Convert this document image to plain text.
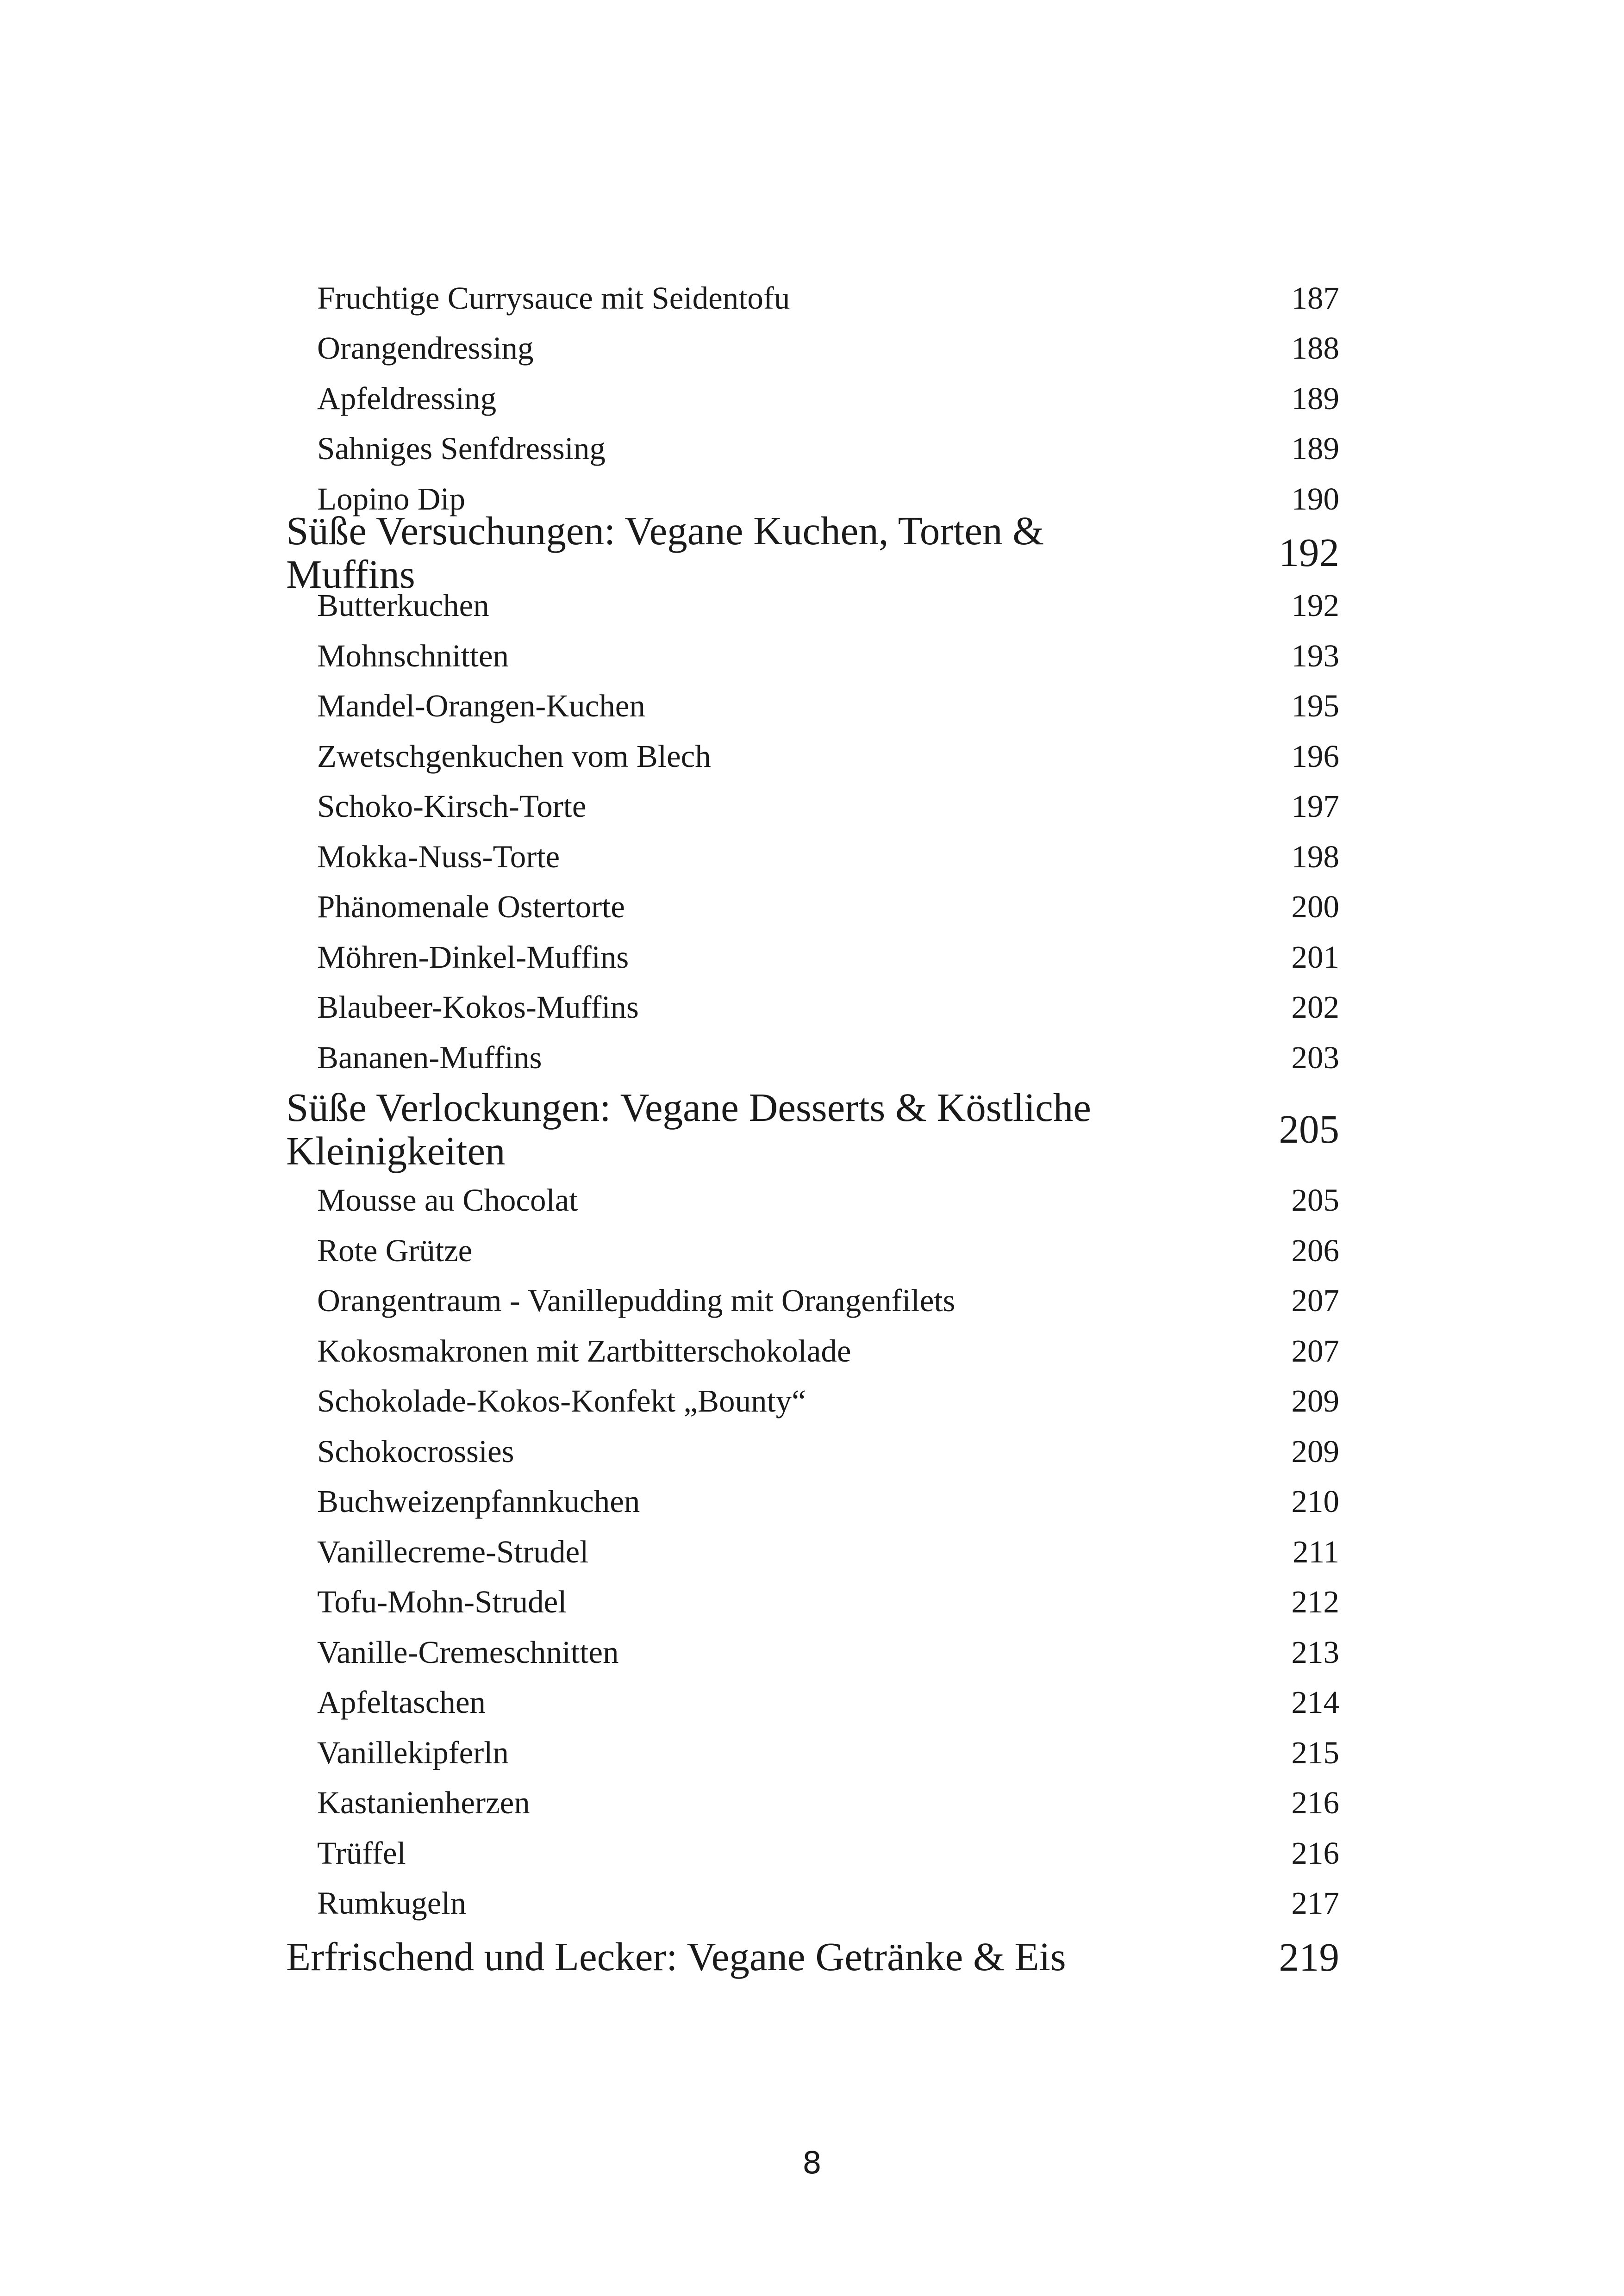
Fruchtige Currysauce mit Seidentofu	187
Orangendressing	188
Apfeldressing	189
Sahniges Senfdressing	189
Lopino Dip	190
Süße Versuchungen: Vegane Kuchen, Torten & Muffins	192
Butterkuchen	192
Mohnschnitten	193
Mandel-Orangen-Kuchen	195
Zwetschgenkuchen vom Blech	196
Schoko-Kirsch-Torte	197
Mokka-Nuss-Torte	198
Phänomenale Ostertorte	200
Möhren-Dinkel-Muffins	201
Blaubeer-Kokos-Muffins	202
Bananen-Muffins	203
Süße Verlockungen: Vegane Desserts & Köstliche Kleinigkeiten	205
Mousse au Chocolat	205
Rote Grütze	206
Orangentraum - Vanillepudding mit Orangenfilets	207
Kokosmakronen mit Zartbitterschokolade	207
Schokolade-Kokos-Konfekt „Bounty“	209
Schokocrossies	209
Buchweizenpfannkuchen	210
Vanillecreme-Strudel	211
Tofu-Mohn-Strudel	212
Vanille-Cremeschnitten	213
Apfeltaschen	214
Vanillekipferln	215
Kastanienherzen	216
Trüffel	216
Rumkugeln	217
Erfrischend und Lecker: Vegane Getränke & Eis	219
8
